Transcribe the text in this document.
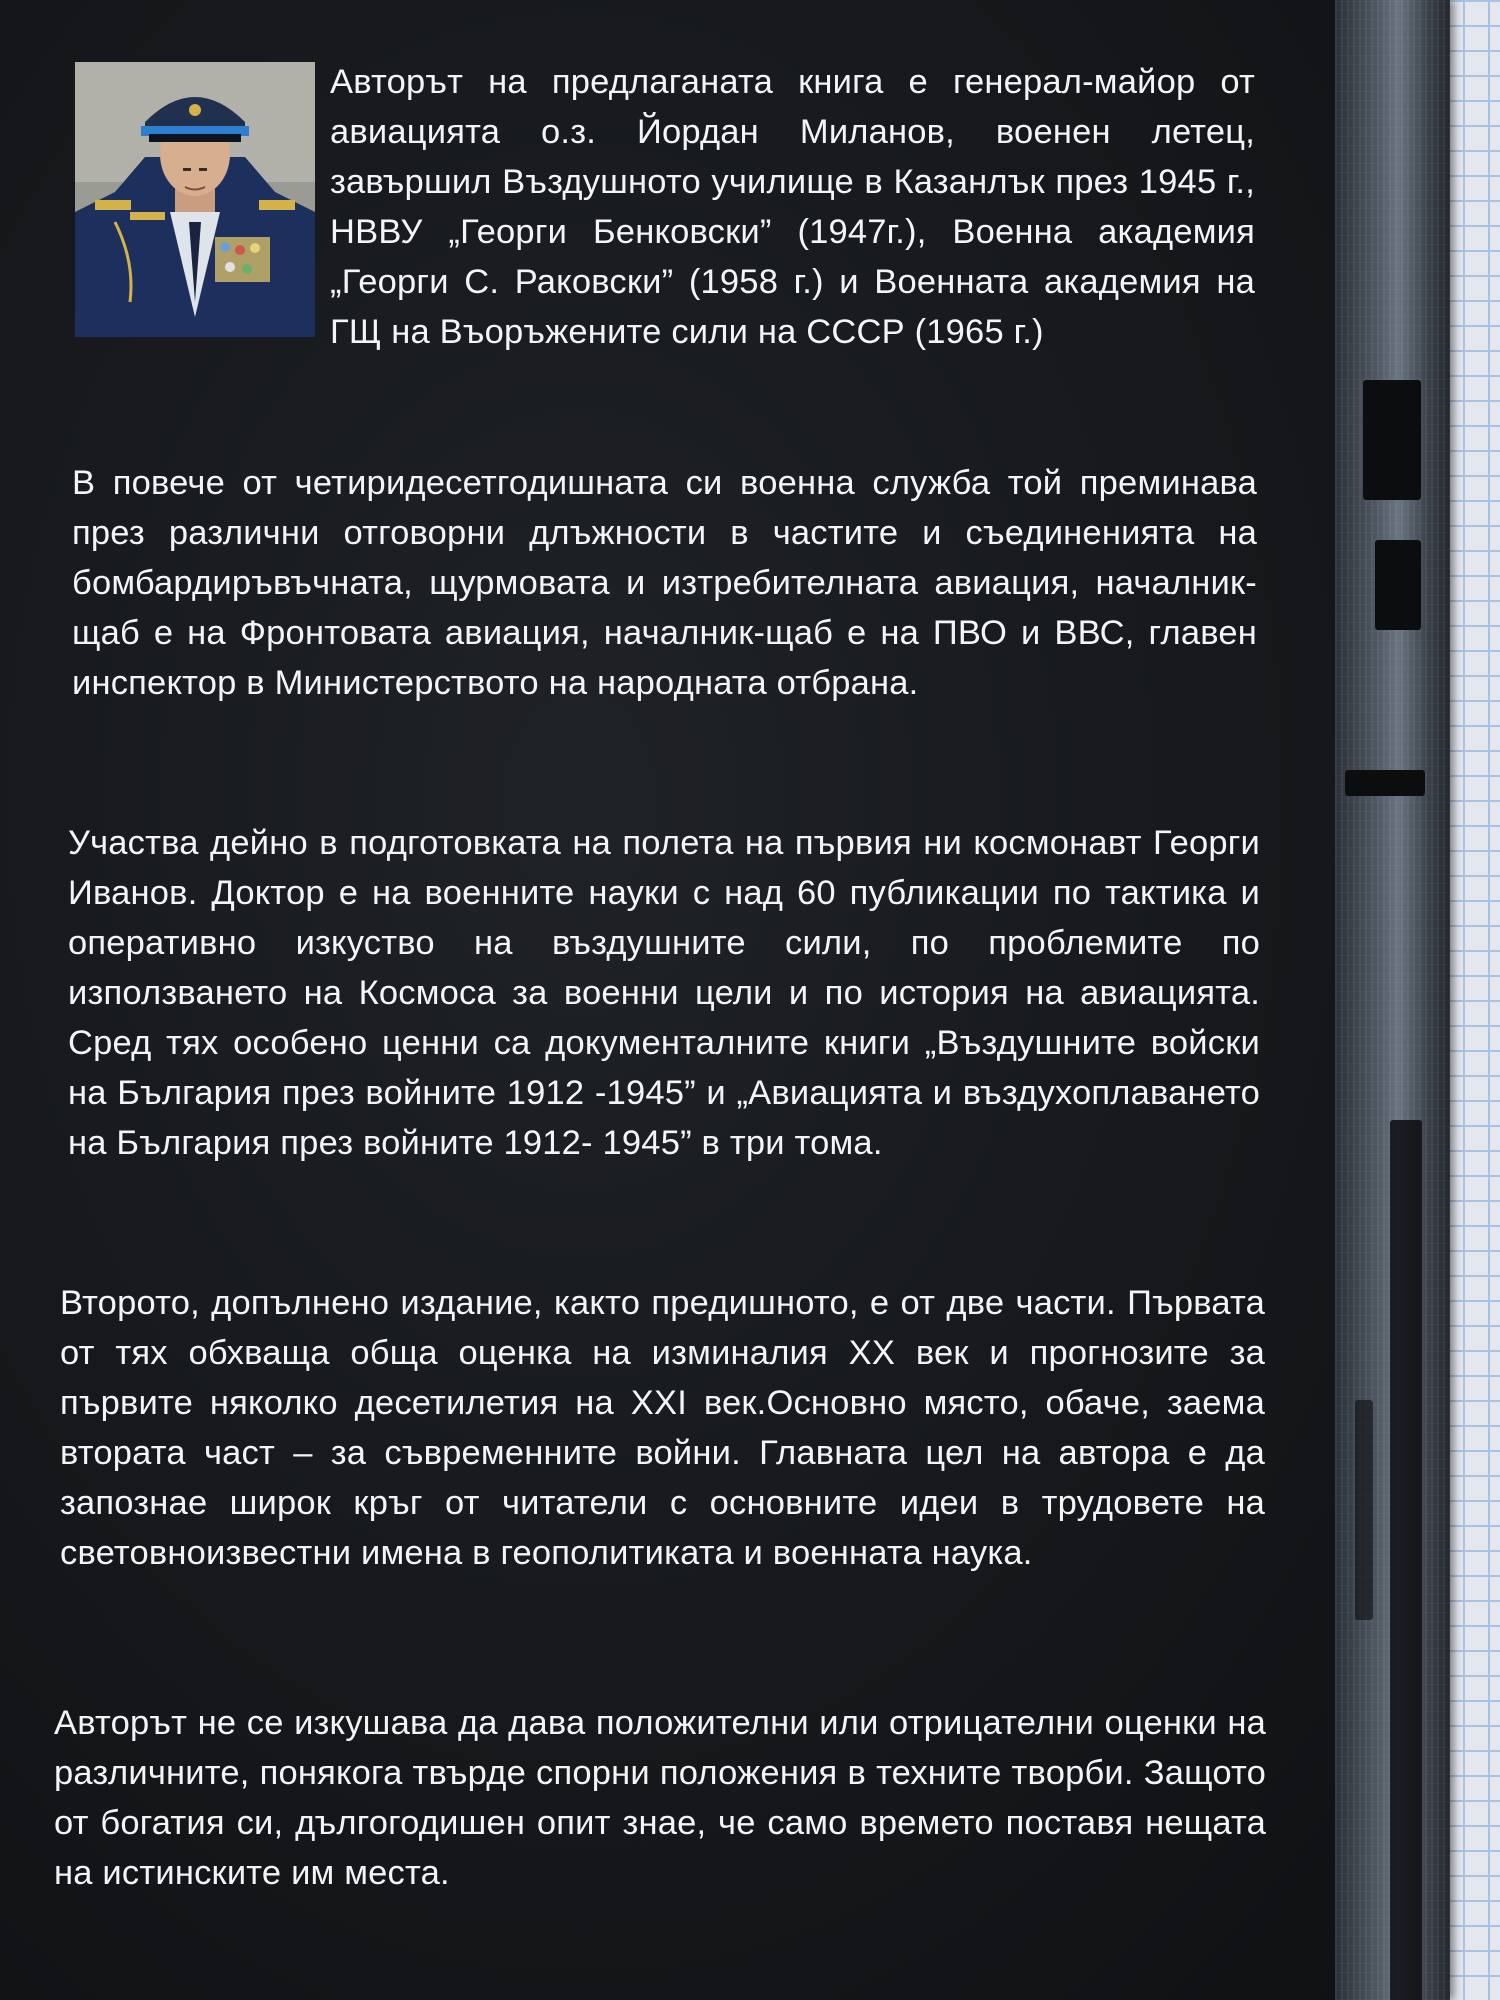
Авторът на предлаганата книга е генерал-майор от авиацията о.з. Йордан Миланов, военен летец, завършил Въздушното училище в Казанлък през 1945 г., НВВУ „Георги Бенковски” (1947г.), Военна академия „Георги С. Раковски” (1958 г.) и Военната академия на ГЩ на Въоръжените сили на СССР (1965 г.)

В повече от четиридесетгодишната си военна служба той преминава през различни отговорни длъжности в частите и съединенията на бомбардиръвъчната, щурмовата и изтребителната авиация, началник-щаб е на Фронтовата авиация, началник-щаб е на ПВО и ВВС, главен инспектор в Министерството на народната отбрана.

Участва дейно в подготовката на полета на първия ни космонавт Георги Иванов. Доктор е на военните науки с над 60 публикации по тактика и оперативно изкуство на въздушните сили, по проблемите по използването на Космоса за военни цели и по история на авиацията. Сред тях особено ценни са документалните книги „Въздушните войски на България през войните 1912 -1945” и „Авиацията и въздухоплаването на България през войните 1912- 1945” в три тома.

Второто, допълнено издание, както предишното, е от две части. Първата от тях обхваща обща оценка на изминалия XX век и прогнозите за първите няколко десетилетия на XXI век.Основно място, обаче, заема втората част – за съвременните войни. Главната цел на автора е да запознае широк кръг от читатели с основните идеи в трудовете на световноизвестни имена в геополитиката и военната наука.

Авторът не се изкушава да дава положителни или отрицателни оценки на различните, понякога твърде спорни положения в техните творби. Защото от богатия си, дългогодишен опит знае, че само времето поставя нещата на истинските им места.
